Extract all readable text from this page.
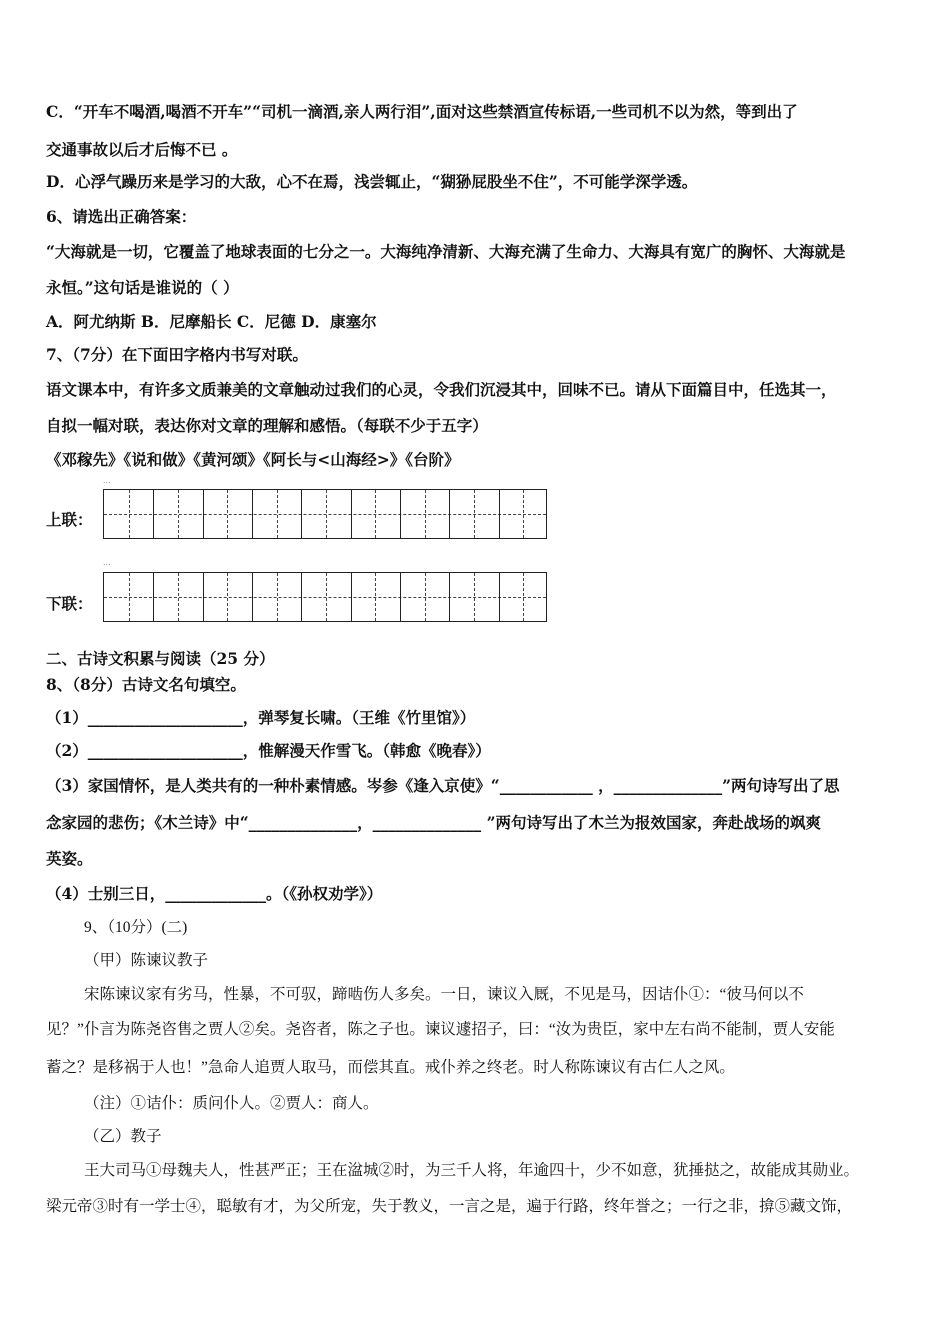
C．“开车不喝酒,喝酒不开车”“司机一滴酒,亲人两行泪”,面对这些禁酒宣传标语,一些司机不以为然，等到出了
交通事故以后才后悔不已 。
D．心浮气躁历来是学习的大敌，心不在焉，浅尝辄止，“猢狲屁股坐不住”，不可能学深学透。
6、请选出正确答案：
“大海就是一切，它覆盖了地球表面的七分之一。大海纯净清新、大海充满了生命力、大海具有宽广的胸怀、大海就是
永恒。”这句话是谁说的（ ）
A．阿尤纳斯 B．尼摩船长 C．尼德 D．康塞尔
7、（7分）在下面田字格内书写对联。
语文课本中，有许多文质兼美的文章触动过我们的心灵，令我们沉浸其中，回味不已。请从下面篇目中，任选其一，
自拟一幅对联，表达你对文章的理解和感悟。（每联不少于五字）
《邓稼先》《说和做》《黄河颂》《阿长与<山海经>》《台阶》
...
上联：
...
下联：
二、古诗文积累与阅读（25 分）
8、（8分）古诗文名句填空。
（1）____________________，弹琴复长啸。（王维《竹里馆》）
（2）____________________，惟解漫天作雪飞。（韩愈《晚春》）
（3）家国情怀，是人类共有的一种朴素情感。岑参《逢入京使》“____________ ，______________”两句诗写出了思
念家园的悲伤；《木兰诗》中“______________，______________ ”两句诗写出了木兰为报效国家，奔赴战场的飒爽
英姿。
（4）士别三日，_____________。（《孙权劝学》）
9、（10分）(二)
（甲）陈谏议教子
宋陈谏议家有劣马，性暴，不可驭，蹄啮伤人多矣。一日，谏议入厩，不见是马，因诘仆①：“彼马何以不
见？”仆言为陈尧咨售之贾人②矣。尧咨者，陈之子也。谏议遽招子，曰：“汝为贵臣，家中左右尚不能制，贾人安能
蓄之？是移祸于人也！”急命人追贾人取马，而偿其直。戒仆养之终老。时人称陈谏议有古仁人之风。
（注）①诘仆：质问仆人。②贾人：商人。
（乙）教子
王大司马①母魏夫人，性甚严正；王在湓城②时，为三千人将，年逾四十，少不如意，犹捶挞之，故能成其勋业。
梁元帝③时有一学士④，聪敏有才，为父所宠，失于教义，一言之是，遍于行路，终年誉之；一行之非，揜⑤藏文饰，
